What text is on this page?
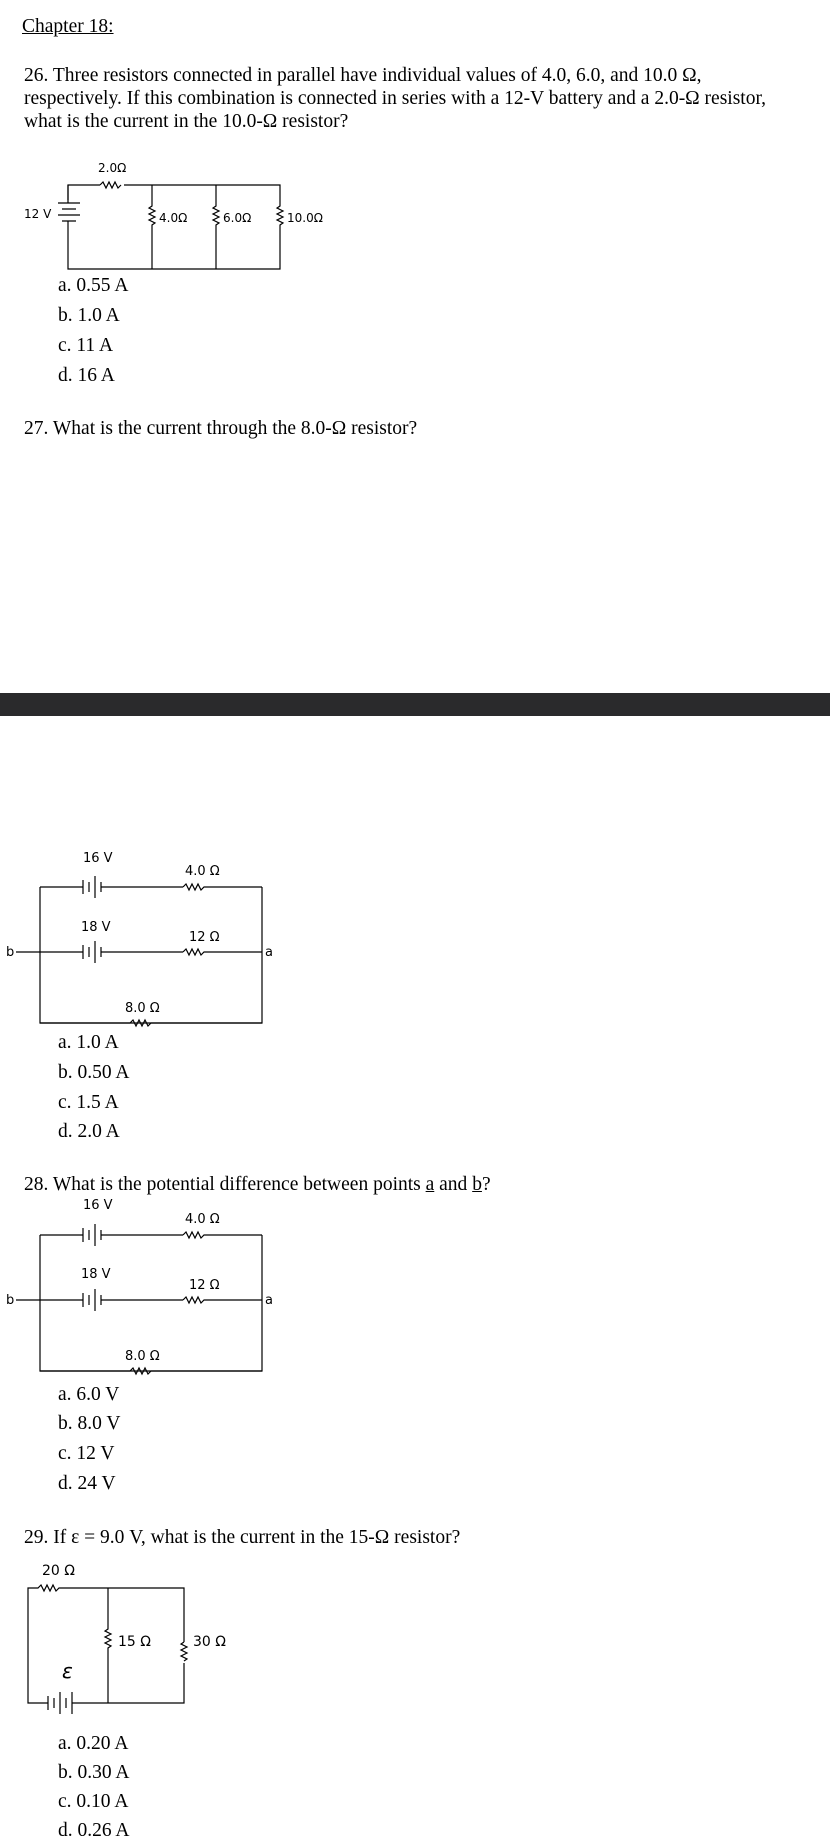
Chapter 18:
26. Three resistors connected in parallel have individual values of 4.0, 6.0, and 10.0 Ω,
respectively. If this combination is connected in series with a 12-V battery and a 2.0-Ω resistor,
what is the current in the 10.0-Ω resistor?
12 V
2.0Ω
4.0Ω	6.0Ω	10.0Ω
a. 0.55 A
b. 1.0 A
c. 11 A
d. 16 A
27. What is the current through the 8.0-Ω resistor?
16 V
4.0 Ω
18 V
12 Ω
b	a
8.0 Ω
a. 1.0 A
b. 0.50 A
c. 1.5 A
d. 2.0 A
28. What is the potential difference between points a and b?
16 V
4.0 Ω
18 V
12 Ω
b	a
8.0 Ω
a. 6.0 V
b. 8.0 V
c. 12 V
d. 24 V
29. If ε = 9.0 V, what is the current in the 15-Ω resistor?
20 Ω
15 Ω	30 Ω
ε
a. 0.20 A
b. 0.30 A
c. 0.10 A
d. 0.26 A
